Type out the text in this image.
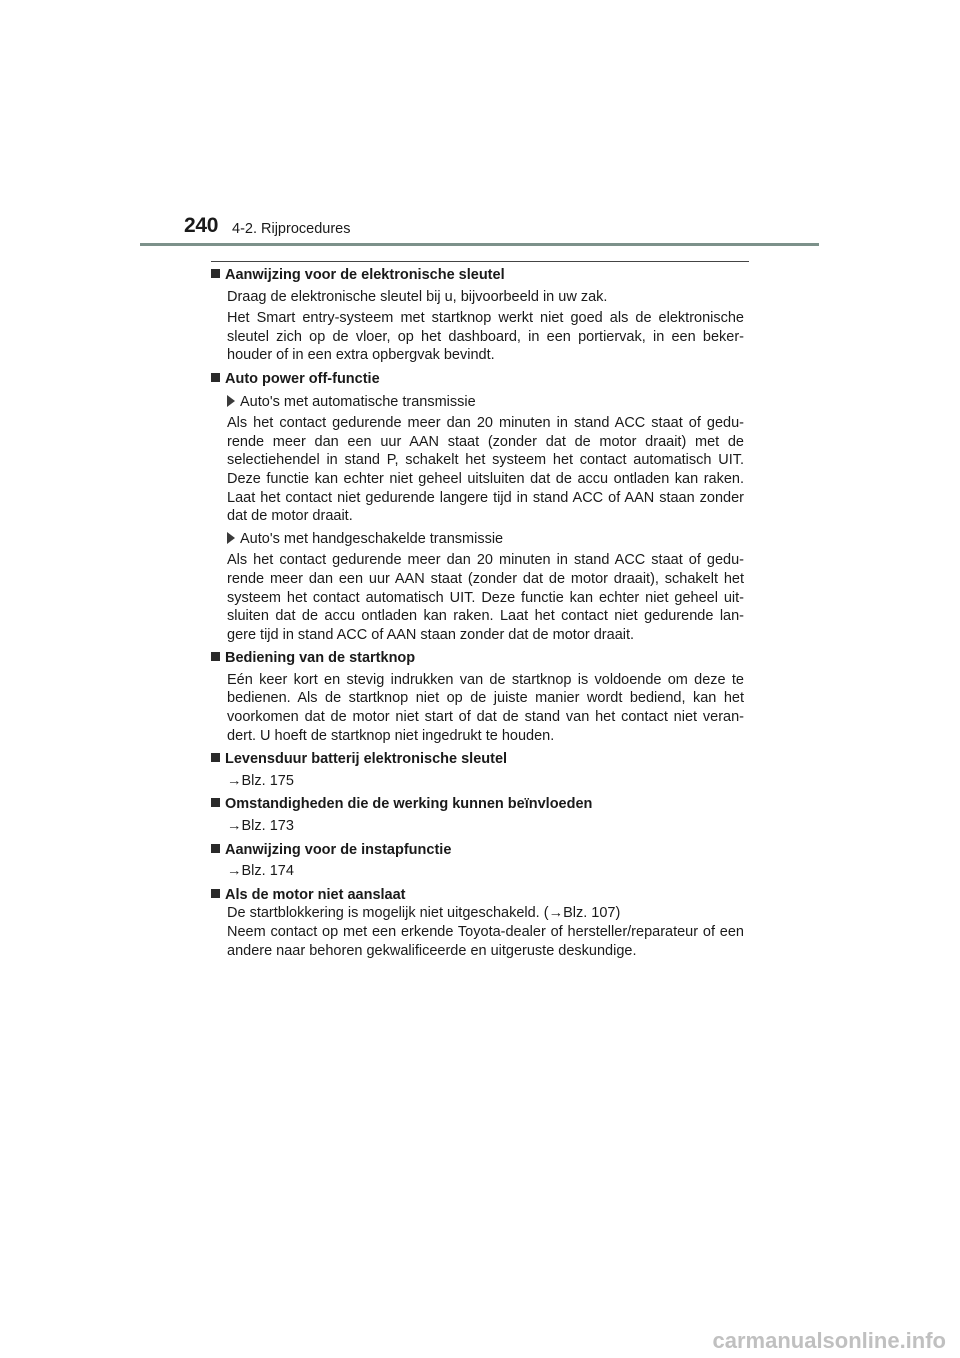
240 4-2. Rijprocedures
Aanwijzing voor de elektronische sleutel
Draag de elektronische sleutel bij u, bijvoorbeeld in uw zak.
Het Smart entry-systeem met startknop werkt niet goed als de elektronische sleutel zich op de vloer, op het dashboard, in een portiervak, in een beker-houder of in een extra opbergvak bevindt.
Auto power off-functie
Auto's met automatische transmissie
Als het contact gedurende meer dan 20 minuten in stand ACC staat of gedu-rende meer dan een uur AAN staat (zonder dat de motor draait) met de selectiehendel in stand P, schakelt het systeem het contact automatisch UIT. Deze functie kan echter niet geheel uitsluiten dat de accu ontladen kan raken. Laat het contact niet gedurende langere tijd in stand ACC of AAN staan zonder dat de motor draait.
Auto's met handgeschakelde transmissie
Als het contact gedurende meer dan 20 minuten in stand ACC staat of gedu-rende meer dan een uur AAN staat (zonder dat de motor draait), schakelt het systeem het contact automatisch UIT. Deze functie kan echter niet geheel uit-sluiten dat de accu ontladen kan raken. Laat het contact niet gedurende lan-gere tijd in stand ACC of AAN staan zonder dat de motor draait.
Bediening van de startknop
Eén keer kort en stevig indrukken van de startknop is voldoende om deze te bedienen. Als de startknop niet op de juiste manier wordt bediend, kan het voorkomen dat de motor niet start of dat de stand van het contact niet veran-dert. U hoeft de startknop niet ingedrukt te houden.
Levensduur batterij elektronische sleutel
→Blz. 175
Omstandigheden die de werking kunnen beïnvloeden
→Blz. 173
Aanwijzing voor de instapfunctie
→Blz. 174
Als de motor niet aanslaat
De startblokkering is mogelijk niet uitgeschakeld. (→Blz. 107)
Neem contact op met een erkende Toyota-dealer of hersteller/reparateur of een andere naar behoren gekwalificeerde en uitgeruste deskundige.
carmanualsonline.info
